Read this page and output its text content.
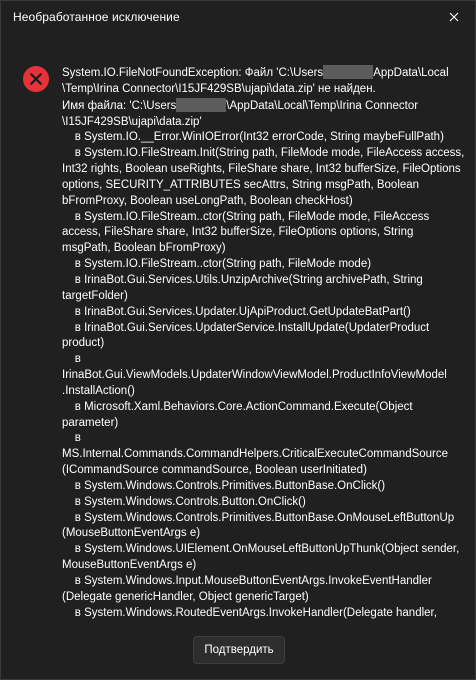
Необработанное исключение
System.IO.FileNotFoundException: Файл 'C:\Users	AppData\Local
\Temp\Irina Connector\I15JF429SB\ujapi\data.zip' не найден.
Имя файла: 'C:\Users	\AppData\Local\Temp\Irina Connector
\I15JF429SB\ujapi\data.zip'
в System.IO.__Error.WinIOError(Int32 errorCode, String maybeFullPath)
в System.IO.FileStream.Init(String path, FileMode mode, FileAccess access,
Int32 rights, Boolean useRights, FileShare share, Int32 bufferSize, FileOptions
options, SECURITY_ATTRIBUTES secAttrs, String msgPath, Boolean
bFromProxy, Boolean useLongPath, Boolean checkHost)
в System.IO.FileStream..ctor(String path, FileMode mode, FileAccess
access, FileShare share, Int32 bufferSize, FileOptions options, String
msgPath, Boolean bFromProxy)
в System.IO.FileStream..ctor(String path, FileMode mode)
в IrinaBot.Gui.Services.Utils.UnzipArchive(String archivePath, String
targetFolder)
в IrinaBot.Gui.Services.Updater.UjApiProduct.GetUpdateBatPart()
в IrinaBot.Gui.Services.UpdaterService.InstallUpdate(UpdaterProduct
product)
в
IrinaBot.Gui.ViewModels.UpdaterWindowViewModel.ProductInfoViewModel
.InstallAction()
в Microsoft.Xaml.Behaviors.Core.ActionCommand.Execute(Object
parameter)
в
MS.Internal.Commands.CommandHelpers.CriticalExecuteCommandSource
(ICommandSource commandSource, Boolean userInitiated)
в System.Windows.Controls.Primitives.ButtonBase.OnClick()
в System.Windows.Controls.Button.OnClick()
в System.Windows.Controls.Primitives.ButtonBase.OnMouseLeftButtonUp
(MouseButtonEventArgs e)
в System.Windows.UIElement.OnMouseLeftButtonUpThunk(Object sender,
MouseButtonEventArgs e)
в System.Windows.Input.MouseButtonEventArgs.InvokeEventHandler
(Delegate genericHandler, Object genericTarget)
в System.Windows.RoutedEventArgs.InvokeHandler(Delegate handler,
Подтвердить
